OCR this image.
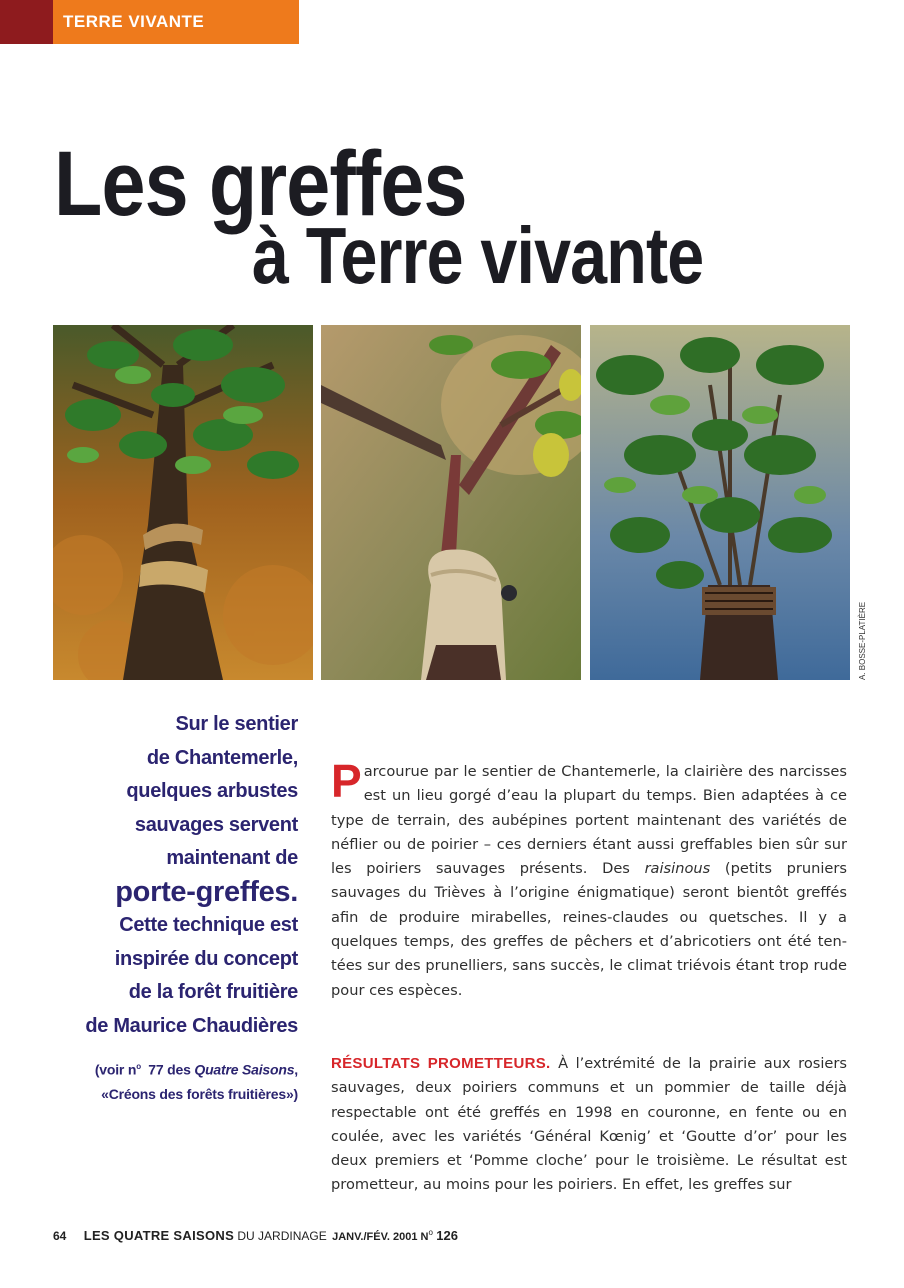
TERRE VIVANTE
Les greffes
à Terre vivante
A. BOSSE-PLATIÈRE
Sur le sentier
de Chantemerle,
quelques arbustes
sauvages servent
maintenant de
porte-greffes.
Cette technique est
inspirée du concept
de la forêt fruitière
de Maurice Chaudières
(voir $n^o$ 77 des Quatre Saisons,
«Créons des forêts fruitières»)

Parcourue par le sentier de Chantemerle, la clairière des narcisses est un lieu gorgé d’eau la plupart du temps. Bien adaptées à ce type de terrain, des aubépines portent maintenant des variétés de néflier ou de poirier – ces derniers étant aussi greffables bien sûr sur les poiriers sauvages présents. Des raisinous (petits pruniers sauvages du Trièves à l’origine énigmatique) seront bientôt greffés afin de produire mirabelles, reines-claudes ou quetsches. Il y a quelques temps, des greffes de pêchers et d’abricotiers ont été ten-tées sur des prunelliers, sans succès, le climat triévois étant trop rude pour ces espèces.

RÉSULTATS PROMETTEURS. À l’extrémité de la prairie aux rosiers sauvages, deux poiriers communs et un pommier de taille déjà respectable ont été greffés en 1998 en couronne, en fente ou en coulée, avec les variétés ‘Général Kœnig’ et ‘Goutte d’or’ pour les deux premiers et ‘Pomme cloche’ pour le troisième. Le résultat est prometteur, au moins pour les poiriers. En effet, les greffes sur

64 LES QUATRE SAISONS DU JARDINAGE JANV./FÉV. 2001 $N^o$ 126
